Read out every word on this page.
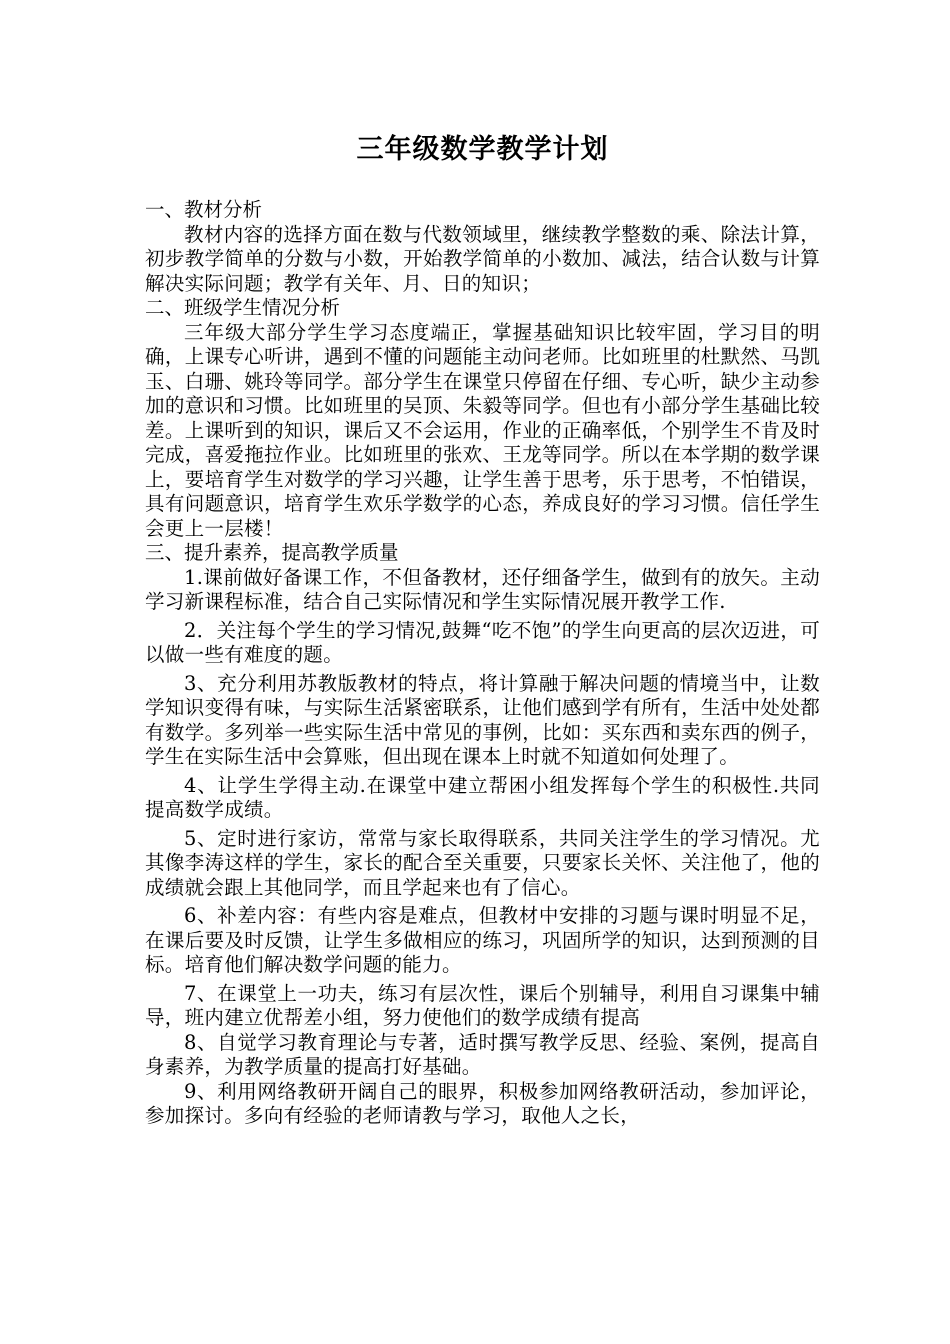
三年级数学教学计划

一、教材分析

教材内容的选择方面在数与代数领域里，继续教学整数的乘、除法计算，初步教学简单的分数与小数，开始教学简单的小数加、减法，结合认数与计算解决实际问题；教学有关年、月、日的知识；

二、班级学生情况分析

三年级大部分学生学习态度端正，掌握基础知识比较牢固，学习目的明确，上课专心听讲，遇到不懂的问题能主动问老师。比如班里的杜默然、马凯玉、白珊、姚玲等同学。部分学生在课堂只停留在仔细、专心听，缺少主动参加的意识和习惯。比如班里的吴顶、朱毅等同学。但也有小部分学生基础比较差。上课听到的知识，课后又不会运用，作业的正确率低，个别学生不肯及时完成，喜爱拖拉作业。比如班里的张欢、王龙等同学。所以在本学期的数学课上，要培育学生对数学的学习兴趣，让学生善于思考，乐于思考，不怕错误，具有问题意识，培育学生欢乐学数学的心态，养成良好的学习习惯。信任学生会更上一层楼！

三、提升素养，提高教学质量

1.课前做好备课工作，不但备教材，还仔细备学生，做到有的放矢。主动学习新课程标准，结合自己实际情况和学生实际情况展开教学工作.

2．关注每个学生的学习情况,鼓舞“吃不饱”的学生向更高的层次迈进，可以做一些有难度的题。

3、充分利用苏教版教材的特点，将计算融于解决问题的情境当中，让数学知识变得有味，与实际生活紧密联系，让他们感到学有所有，生活中处处都有数学。多列举一些实际生活中常见的事例，比如：买东西和卖东西的例子，学生在实际生活中会算账，但出现在课本上时就不知道如何处理了。

4、让学生学得主动.在课堂中建立帮困小组发挥每个学生的积极性.共同提高数学成绩。

5、定时进行家访，常常与家长取得联系，共同关注学生的学习情况。尤其像李涛这样的学生，家长的配合至关重要，只要家长关怀、关注他了，他的成绩就会跟上其他同学，而且学起来也有了信心。

6、补差内容：有些内容是难点，但教材中安排的习题与课时明显不足，在课后要及时反馈，让学生多做相应的练习，巩固所学的知识，达到预测的目标。培育他们解决数学问题的能力。

7、在课堂上一功夫，练习有层次性，课后个别辅导，利用自习课集中辅导，班内建立优帮差小组，努力使他们的数学成绩有提高

8、自觉学习教育理论与专著，适时撰写教学反思、经验、案例，提高自身素养，为教学质量的提高打好基础。

9、利用网络教研开阔自己的眼界，积极参加网络教研活动，参加评论，参加探讨。多向有经验的老师请教与学习，取他人之长，
